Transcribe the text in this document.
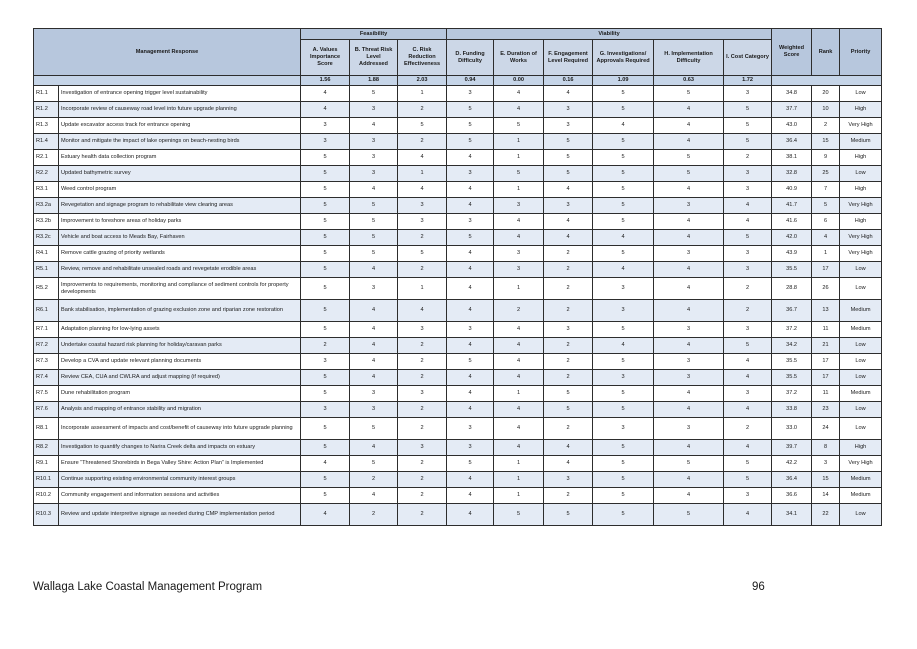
Management Response		Feasibility			Viability						Weighted Score	Rank	Priority
		A. Values Importance Score	B. Threat Risk Level Addressed	C. Risk Reduction Effectiveness	D. Funding Difficulty	E. Duration of Works	F. Engagement Level Required	G. Investigations/ Approvals Required	H. Implementation Difficulty	I. Cost Category			
		1.56	1.88	2.03	0.94	0.00	0.16	1.09	0.63	1.72			
R1.1	Investigation of entrance opening trigger level sustainability	4	5	1	3	4	4	5	5	3	34.8	20	Low
R1.2	Incorporate review of causeway road level into future upgrade planning	4	3	2	5	4	3	5	4	5	37.7	10	High
R1.3	Update excavator access track for entrance opening	3	4	5	5	5	3	4	4	5	43.0	2	Very High
R1.4	Monitor and mitigate the impact of lake openings on beach-nesting birds	3	3	2	5	1	5	5	4	5	36.4	15	Medium
R2.1	Estuary health data collection program	5	3	4	4	1	5	5	5	2	38.1	9	High
R2.2	Updated bathymetric survey	5	3	1	3	5	5	5	5	3	32.8	25	Low
R3.1	Weed control program	5	4	4	4	1	4	5	4	3	40.9	7	High
R3.2a	Revegetation and signage program to rehabilitate view clearing areas	5	5	3	4	3	3	5	3	4	41.7	5	Very High
R3.2b	Improvement to foreshore areas of holiday parks	5	5	3	3	4	4	5	4	4	41.6	6	High
R3.2c	Vehicle and boat access to Meads Bay, Fairhaven	5	5	2	5	4	4	4	4	5	42.0	4	Very High
R4.1	Remove cattle grazing of priority wetlands	5	5	5	4	3	2	5	3	3	43.9	1	Very High
R5.1	Review, remove and rehabilitate unsealed roads and revegetate erodible areas	5	4	2	4	3	2	4	4	3	35.5	17	Low
R5.2	Improvements to requirements, monitoring and compliance of sediment controls for property developments	5	3	1	4	1	2	3	4	2	28.8	26	Low
R6.1	Bank stabilisation, implementation of grazing exclusion zone and riparian zone restoration	5	4	4	4	2	2	3	4	2	36.7	13	Medium
R7.1	Adaptation planning for low-lying assets	5	4	3	3	4	3	5	3	3	37.2	11	Medium
R7.2	Undertake coastal hazard risk planning for holiday/caravan parks	2	4	2	4	4	2	4	4	5	34.2	21	Low
R7.3	Develop a CVA and update relevant planning documents	3	4	2	5	4	2	5	3	4	35.5	17	Low
R7.4	Review CEA, CUA and CWLRA and adjust mapping (if required)	5	4	2	4	4	2	3	3	4	35.5	17	Low
R7.5	Dune rehabilitation program	5	3	3	4	1	5	5	4	3	37.2	11	Medium
R7.6	Analysis and mapping of entrance stability and migration	3	3	2	4	4	5	5	4	4	33.8	23	Low
R8.1	Incorporate assessment of impacts and cost/benefit of causeway into future upgrade planning	5	5	2	3	4	2	3	3	2	33.0	24	Low
R8.2	Investigation to quantify changes to Narira Creek delta and impacts on estuary	5	4	3	3	4	4	5	4	4	39.7	8	High
R9.1	Ensure “Threatened Shorebirds in Bega Valley Shire: Action Plan” is Implemented	4	5	2	5	1	4	5	5	5	42.2	3	Very High
R10.1	Continue supporting existing environmental community interest groups	5	2	2	4	1	3	5	4	5	36.4	15	Medium
R10.2	Community engagement and information sessions and activities	5	4	2	4	1	2	5	4	3	36.6	14	Medium
R10.3	Review and update interpretive signage as needed during CMP implementation period	4	2	2	4	5	5	5	5	4	34.1	22	Low
Wallaga Lake Coastal Management Program	96
